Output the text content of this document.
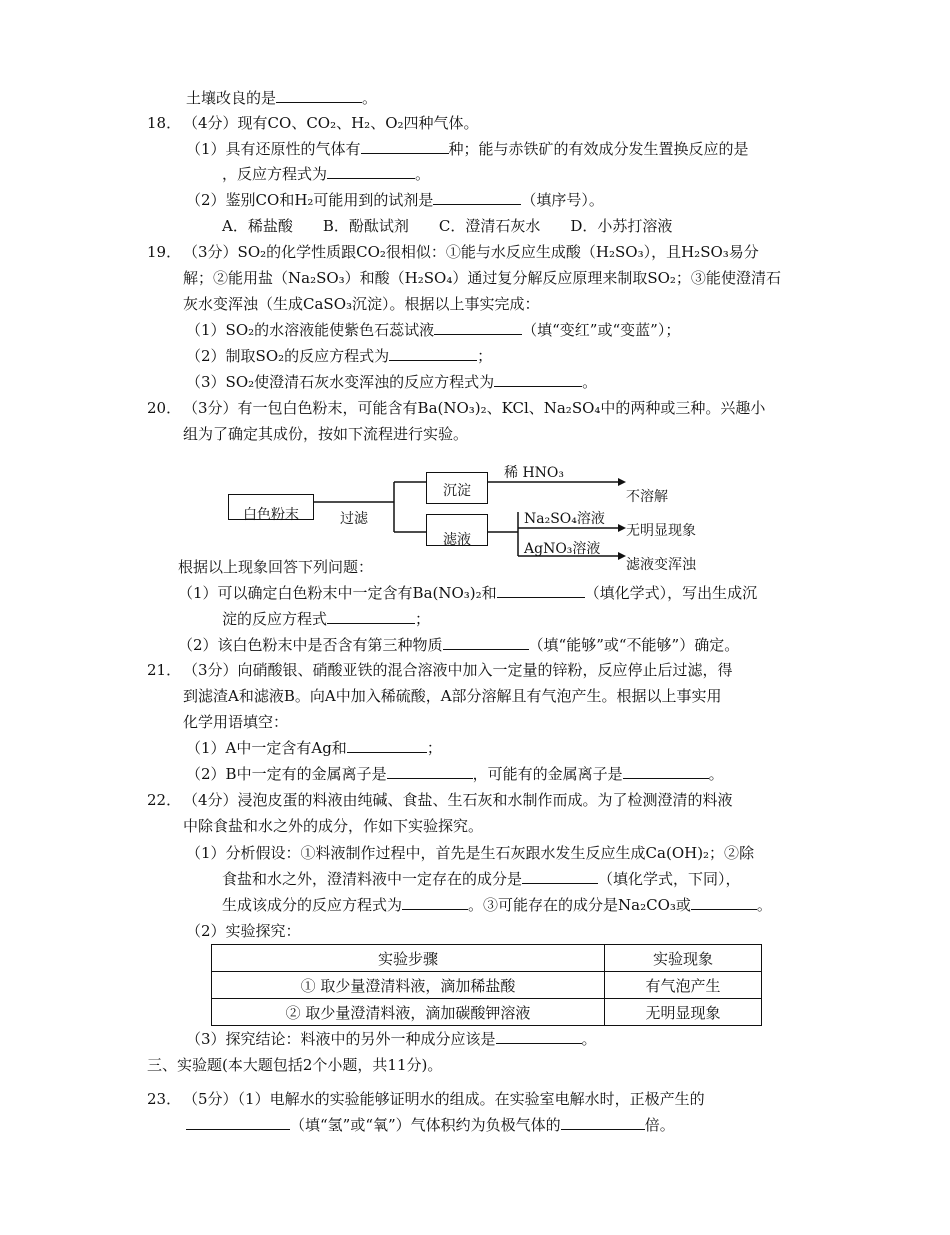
土壤改良的是	。
18． （4分）现有CO、CO₂、H₂、O₂四种气体。
（1）具有还原性的气体有	种；能与赤铁矿的有效成分发生置换反应的是
，反应方程式为	。
（2）鉴别CO和H₂可能用到的试剂是	（填序号）。
A．稀盐酸　　B．酚酞试剂　　C．澄清石灰水　　D．小苏打溶液
19． （3分）SO₂的化学性质跟CO₂很相似：①能与水反应生成酸（H₂SO₃），且H₂SO₃易分
解；②能用盐（Na₂SO₃）和酸（H₂SO₄）通过复分解反应原理来制取SO₂；③能使澄清石
灰水变浑浊（生成CaSO₃沉淀）。根据以上事实完成：
（1）SO₂的水溶液能使紫色石蕊试液	（填“变红”或“变蓝”）；
（2）制取SO₂的反应方程式为	；
（3）SO₂使澄清石灰水变浑浊的反应方程式为	。
20． （3分）有一包白色粉末，可能含有Ba(NO₃)₂、KCl、Na₂SO₄中的两种或三种。兴趣小
组为了确定其成份，按如下流程进行实验。
白色粉末	过滤
沉淀
滤液
稀 HNO₃
不溶解
Na₂SO₄溶液
无明显现象
AgNO₃溶液
滤液变浑浊
根据以上现象回答下列问题：
（1）可以确定白色粉末中一定含有Ba(NO₃)₂和	（填化学式），写出生成沉
淀的反应方程式	；
（2）该白色粉末中是否含有第三种物质	（填“能够”或“不能够”）确定。
21． （3分）向硝酸银、硝酸亚铁的混合溶液中加入一定量的锌粉，反应停止后过滤，得
到滤渣A和滤液B。向A中加入稀硫酸，A部分溶解且有气泡产生。根据以上事实用
化学用语填空：
（1）A中一定含有Ag和	；
（2）B中一定有的金属离子是	，可能有的金属离子是	。
22． （4分）浸泡皮蛋的料液由纯碱、食盐、生石灰和水制作而成。为了检测澄清的料液
中除食盐和水之外的成分，作如下实验探究。
（1）分析假设：①料液制作过程中，首先是生石灰跟水发生反应生成Ca(OH)₂；②除
食盐和水之外，澄清料液中一定存在的成分是	（填化学式，下同），
生成该成分的反应方程式为	。③可能存在的成分是Na₂CO₃或	。
（2）实验探究：
实验步骤	实验现象
① 取少量澄清料液，滴加稀盐酸	有气泡产生
② 取少量澄清料液，滴加碳酸钾溶液	无明显现象
（3）探究结论：料液中的另外一种成分应该是	。
三、实验题(本大题包括2个小题，共11分)。
23． （5分）（1）电解水的实验能够证明水的组成。在实验室电解水时，正极产生的
（填“氢”或“氧”）气体积约为负极气体的	倍。
